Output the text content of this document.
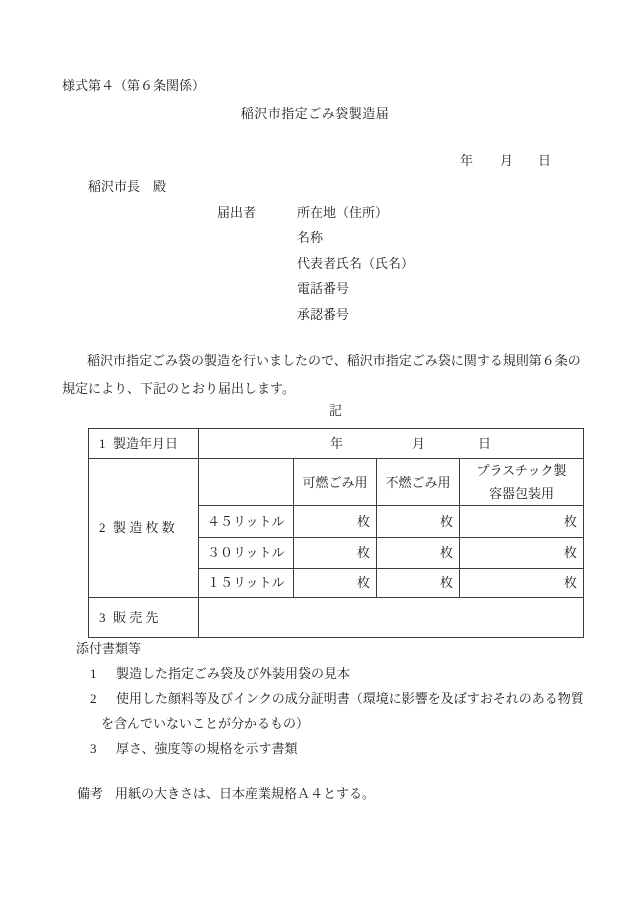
様式第４（第６条関係）
稲沢市指定ごみ袋製造届
年 月 日
稲沢市長　殿
届出者	所在地（住所）
名称
代表者氏名（氏名）
電話番号
承認番号
稲沢市指定ごみ袋の製造を行いましたので、稲沢市指定ごみ袋に関する規則第６条の
規定により、下記のとおり届出します。
記
1 製造年月日	年 月 日			

2 製 造 枚 数		可燃ごみ用	不燃ごみ用	プラスチック製
容器包装用

	４５リットル	枚	枚	枚
	３０リットル	枚	枚	枚
	１５リットル	枚	枚	枚
3 販 売 先				
添付書類等
1 製造した指定ごみ袋及び外装用袋の見本
2 使用した顔料等及びインクの成分証明書（環境に影響を及ぼすおそれのある物質
を含んでいないことが分かるもの）
3 厚さ、強度等の規格を示す書類
備考 用紙の大きさは、日本産業規格Ａ４とする。
